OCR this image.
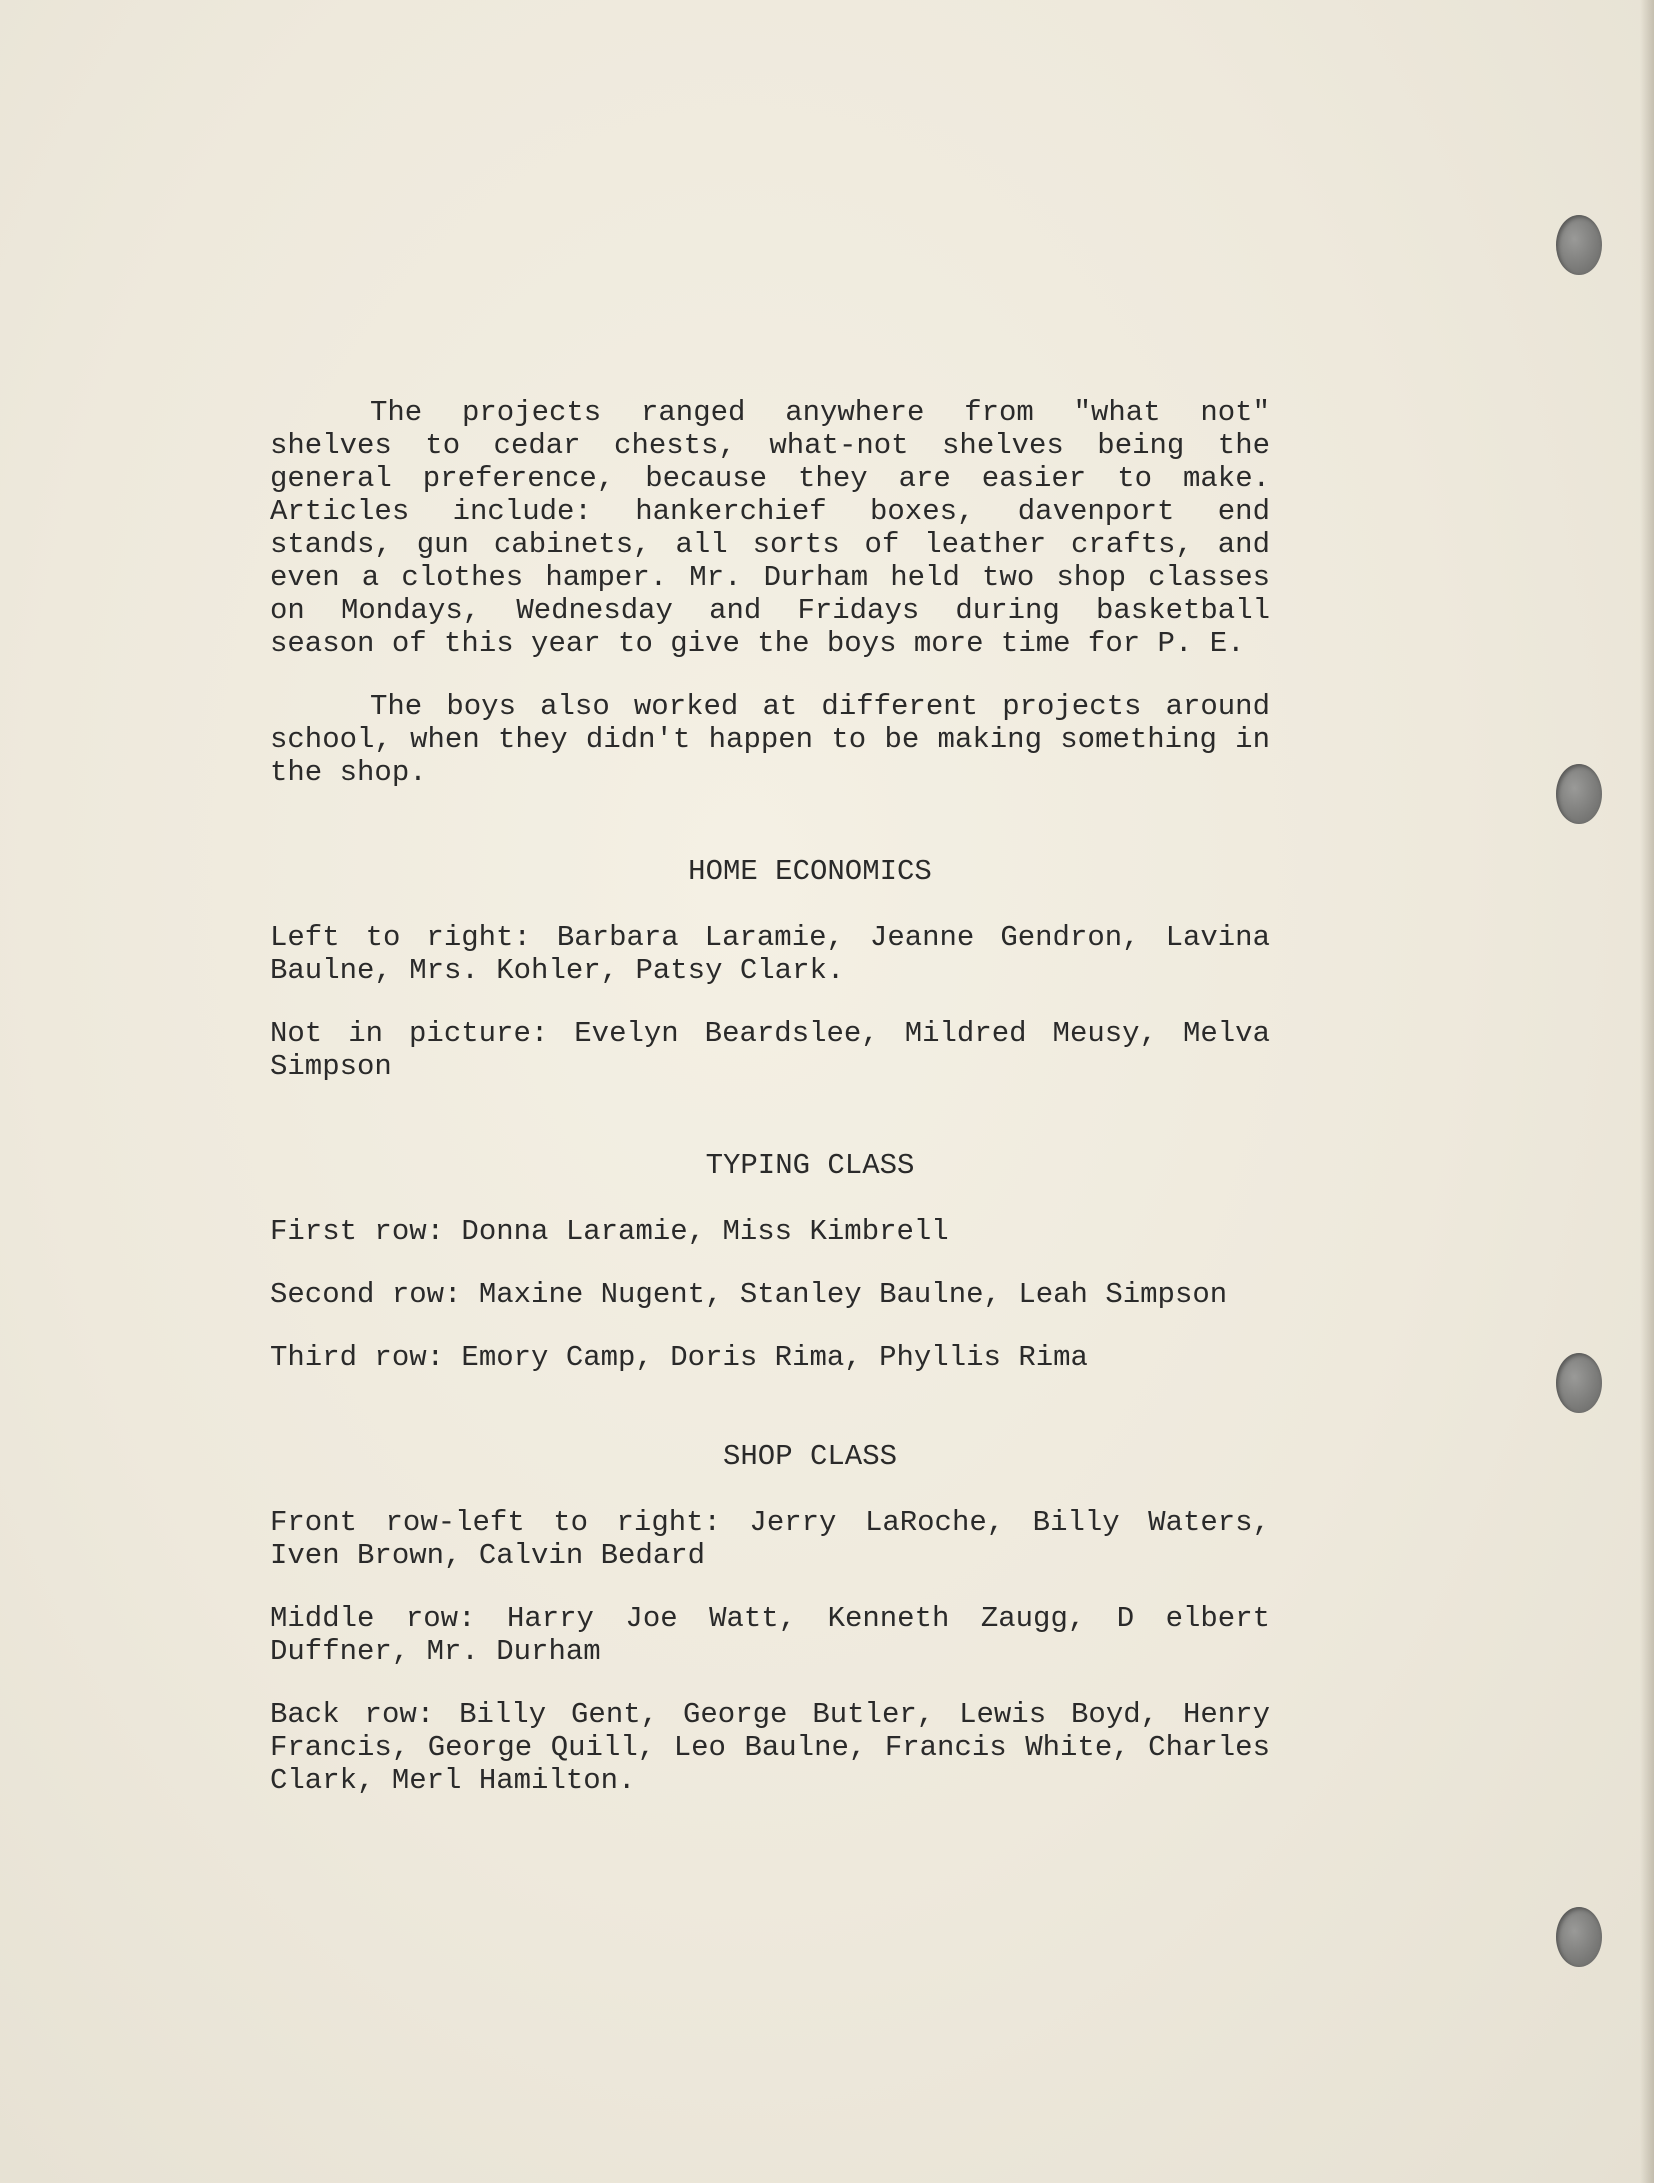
The projects ranged anywhere from "what not" shelves to cedar chests, what-not shelves being the general preference, because they are easier to make. Articles include: hankerchief boxes, davenport end stands, gun cabinets, all sorts of leather crafts, and even a clothes hamper. Mr. Durham held two shop classes on Mondays, Wednesday and Fridays during basketball season of this year to give the boys more time for P. E.

The boys also worked at different projects around school, when they didn't happen to be making something in the shop.

HOME ECONOMICS

Left to right: Barbara Laramie, Jeanne Gendron, Lavina Baulne, Mrs. Kohler, Patsy Clark.

Not in picture: Evelyn Beardslee, Mildred Meusy, Melva Simpson

TYPING CLASS

First row: Donna Laramie, Miss Kimbrell

Second row: Maxine Nugent, Stanley Baulne, Leah Simpson

Third row: Emory Camp, Doris Rima, Phyllis Rima

SHOP CLASS

Front row-left to right: Jerry LaRoche, Billy Waters, Iven Brown, Calvin Bedard

Middle row: Harry Joe Watt, Kenneth Zaugg, D elbert Duffner, Mr. Durham

Back row: Billy Gent, George Butler, Lewis Boyd, Henry Francis, George Quill, Leo Baulne, Francis White, Charles Clark, Merl Hamilton.
